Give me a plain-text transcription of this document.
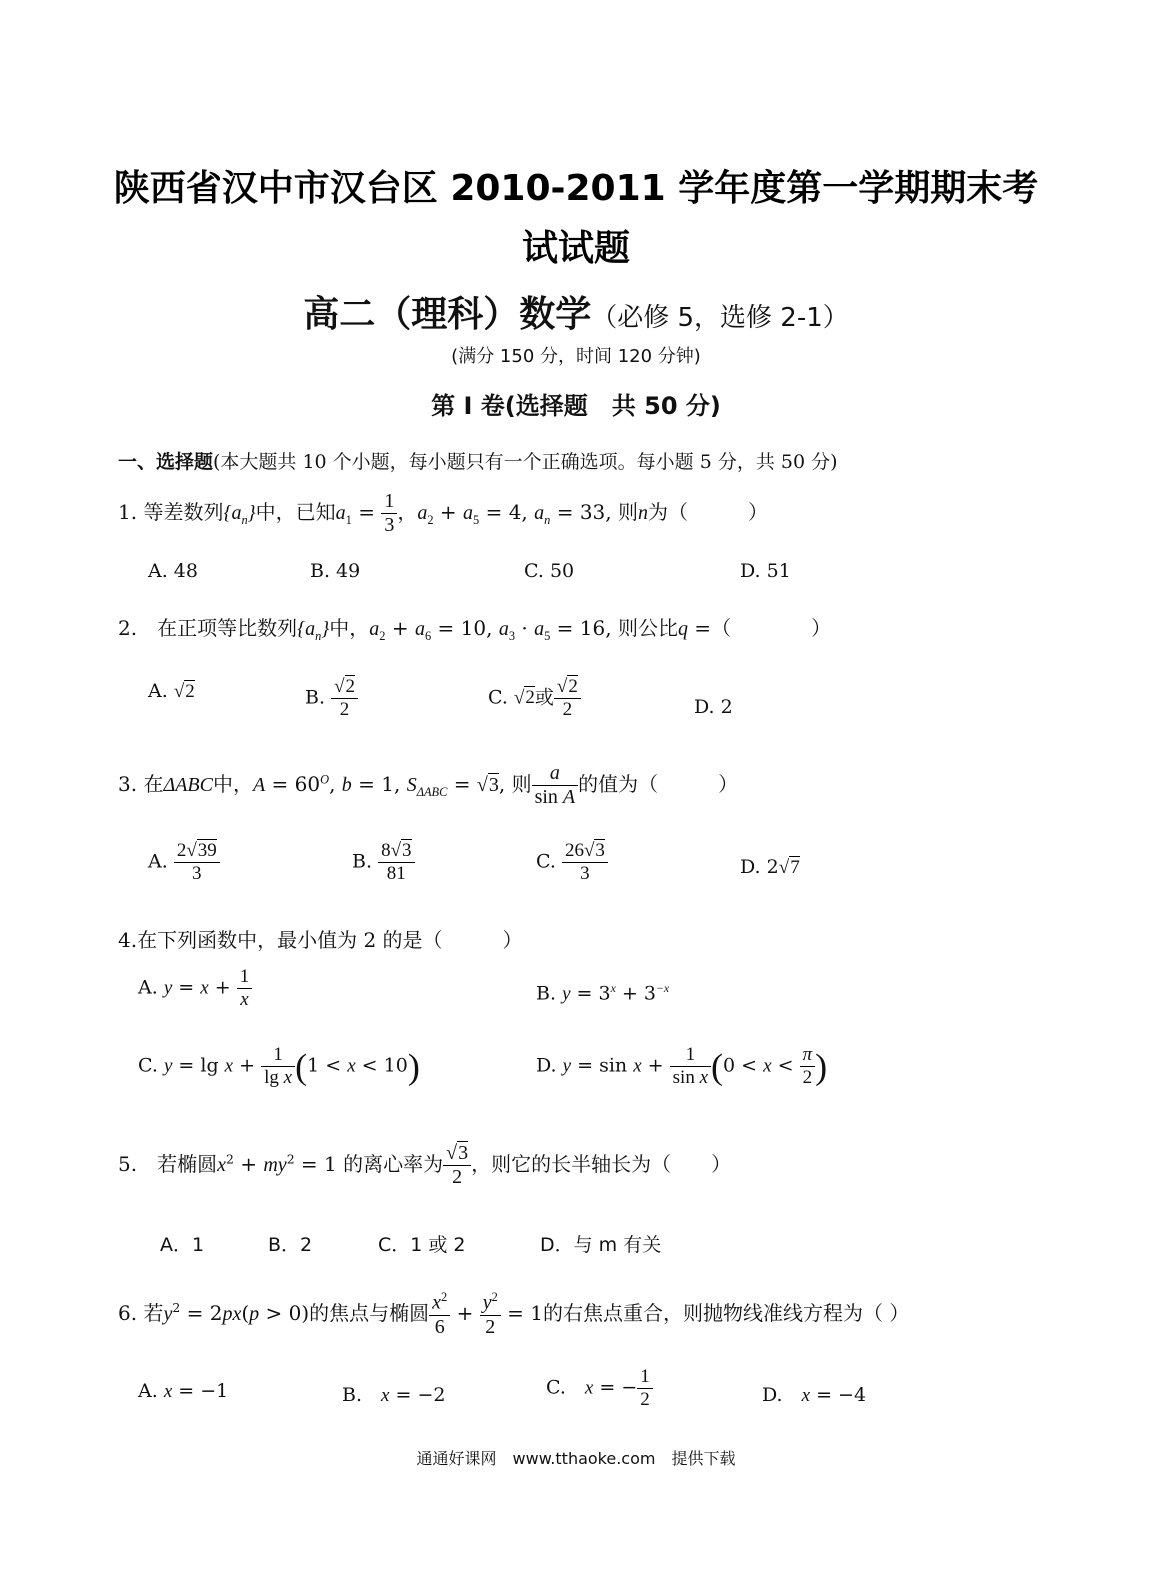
陕西省汉中市汉台区 2010-2011 学年度第一学期期末考
试试题
高二（理科）数学（必修 5，选修 2-1）
(满分 150 分，时间 120 分钟)
第 I 卷(选择题　共 50 分)
一、选择题(本大题共 10 个小题，每小题只有一个正确选项。每小题 5 分，共 50 分)
1. 等差数列$\{a_n\}$中，已知$a_1 = \frac{1}{3}$ ，$a_2 + a_5 = 4$, $a_n = 33$, 则n为（　　　）
A. 48	B. 49	C. 50	D. 51
2.　在正项等比数列$\{a_n\}$中，$a_2 + a_6 = 10$, $a_3 \cdot a_5 = 16$, 则公比q =（　　　　）
A. √2	B. $\frac{√2}{2}$	C. √2或 $\frac{√2}{2}$	D. 2
3. 在ΔABC中，$A = 60^O$, b = 1, $S_{\Delta ABC} = √3$, 则 $\frac{a}{\text{sin A}}$ 的值为（　　　）
A. $\frac{2√39}{3}$	B. $\frac{8√3}{81}$	C. $\frac{26√3}{3}$	D. 2√7
4.在下列函数中，最小值为 2 的是（　　　）
A. $y = x + \frac{1}{x}$	B. $y = 3^x + 3^{-x}$
C. $y = \lg x + \frac{1}{\text{lg x}} (1 < x < 10)$	D. $y = \sin x + \frac{1}{\text{sin x}} (0 < x < \frac{\pi}{2}$ )
5.　若椭圆$x^2 + my^2 = 1$ 的离心率为 $\frac{√3}{2}$ ，则它的长半轴长为（　　）
A．1	B．2	C．1 或 2	D．与 m 有关
6. 若$y^2 = 2px(p > 0)$的焦点与椭圆 $\frac{x^2}{6} + \frac{y^2}{2} = 1$的右焦点重合，则抛物线准线方程为（ ）
A. x = −1	B.　 x = −2	C.　 x = − $\frac{1}{2}$	D.　 x = −4
通通好课网　www.tthaoke.com　提供下载
